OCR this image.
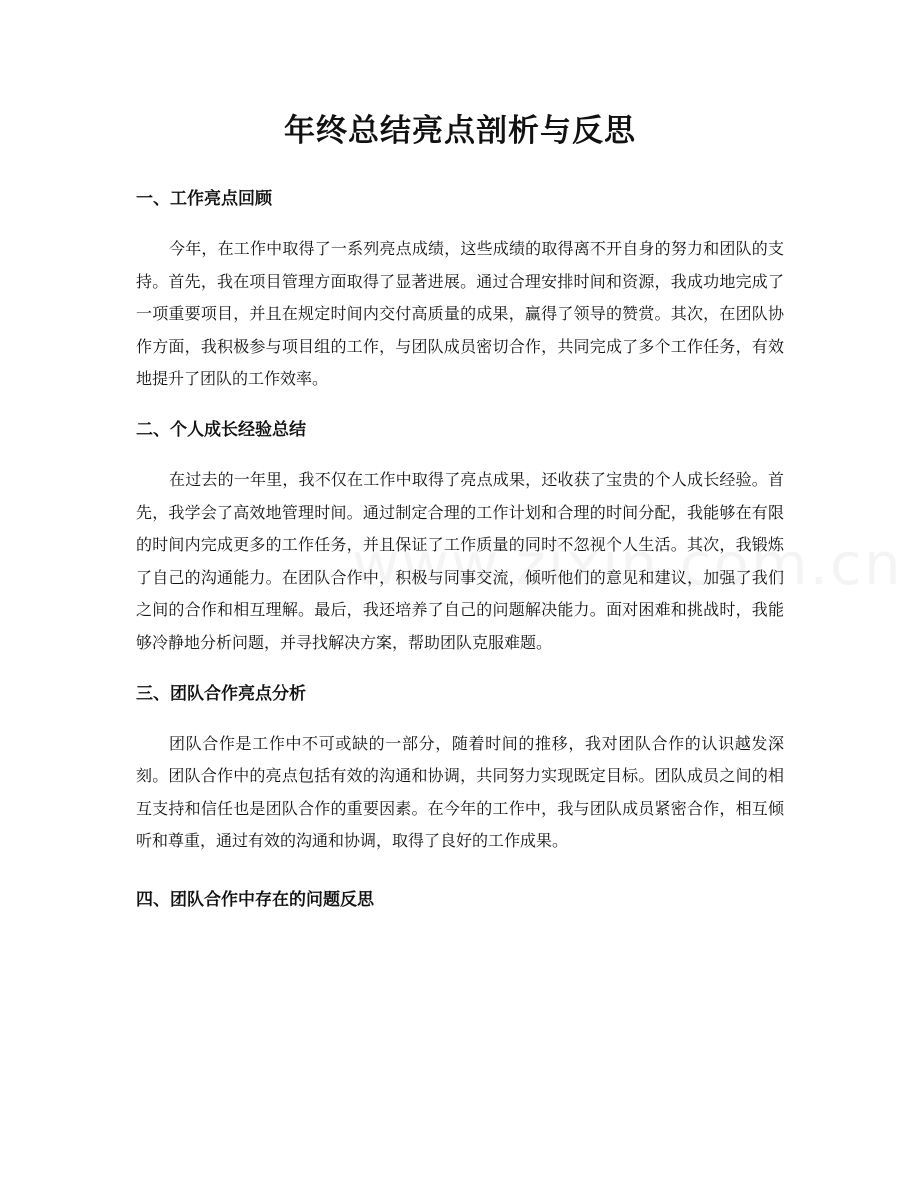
年终总结亮点剖析与反思
一、工作亮点回顾

今年，在工作中取得了一系列亮点成绩，这些成绩的取得离不开自身的努力和团队的支持。首先，我在项目管理方面取得了显著进展。通过合理安排时间和资源，我成功地完成了一项重要项目，并且在规定时间内交付高质量的成果，赢得了领导的赞赏。其次，在团队协作方面，我积极参与项目组的工作，与团队成员密切合作，共同完成了多个工作任务，有效地提升了团队的工作效率。

二、个人成长经验总结

在过去的一年里，我不仅在工作中取得了亮点成果，还收获了宝贵的个人成长经验。首先，我学会了高效地管理时间。通过制定合理的工作计划和合理的时间分配，我能够在有限的时间内完成更多的工作任务，并且保证了工作质量的同时不忽视个人生活。其次，我锻炼了自己的沟通能力。在团队合作中，积极与同事交流，倾听他们的意见和建议，加强了我们之间的合作和相互理解。最后，我还培养了自己的问题解决能力。面对困难和挑战时，我能够冷静地分析问题，并寻找解决方案，帮助团队克服难题。

三、团队合作亮点分析

团队合作是工作中不可或缺的一部分，随着时间的推移，我对团队合作的认识越发深刻。团队合作中的亮点包括有效的沟通和协调，共同努力实现既定目标。团队成员之间的相互支持和信任也是团队合作的重要因素。在今年的工作中，我与团队成员紧密合作，相互倾听和尊重，通过有效的沟通和协调，取得了良好的工作成果。

四、团队合作中存在的问题反思
